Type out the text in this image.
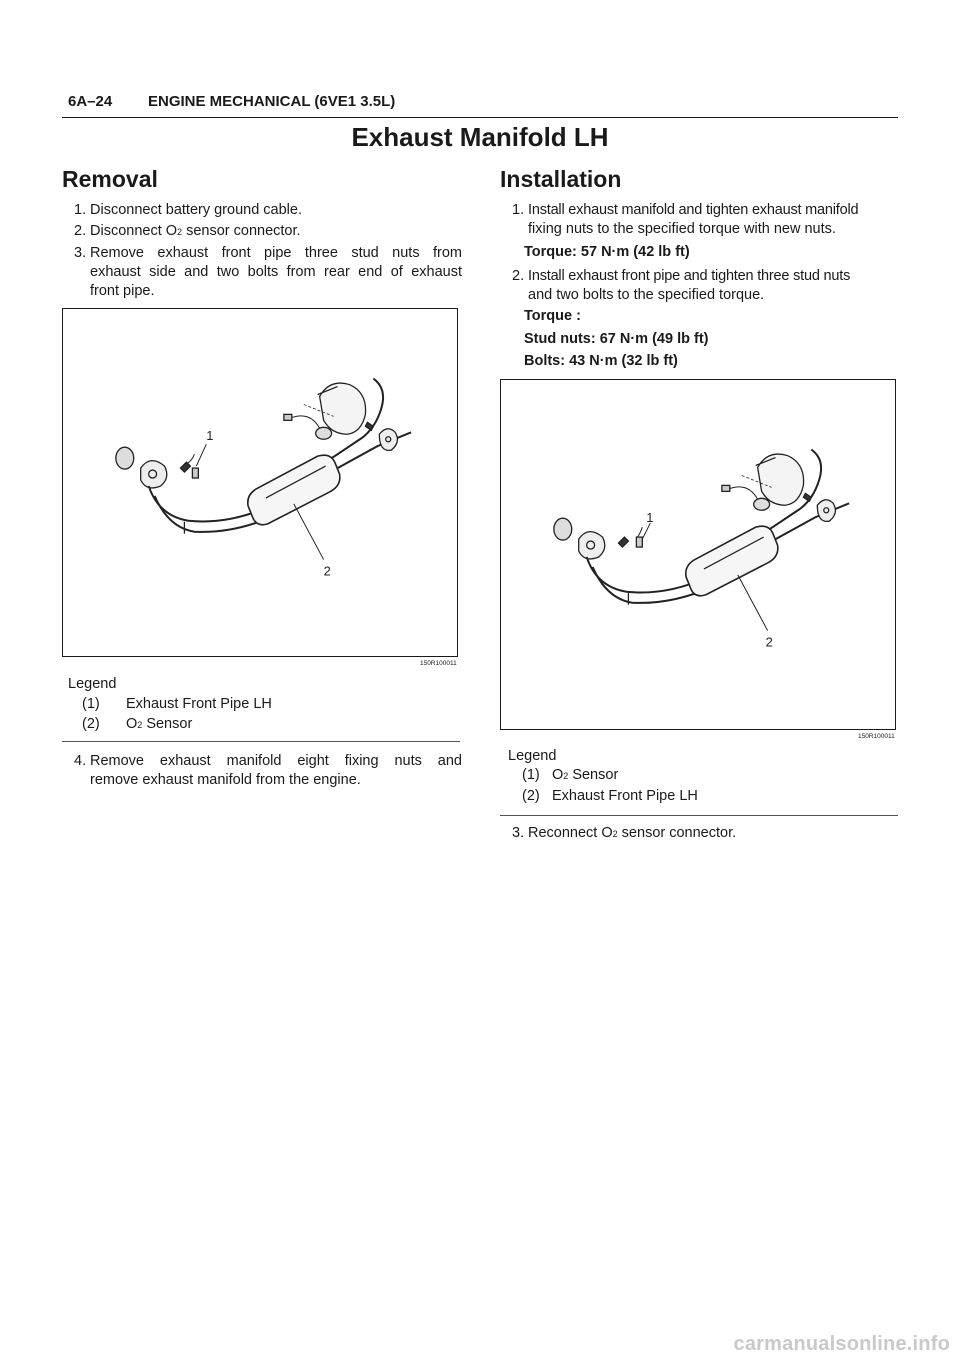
6A–24 ENGINE MECHANICAL (6VE1 3.5L)
Exhaust Manifold LH
Removal
1. Disconnect battery ground cable.
2. Disconnect O2 sensor connector.
3. Remove exhaust front pipe three stud nuts from
exhaust side and two bolts from rear end of exhaust
front pipe.
1
2
150R100011
Legend
(1) Exhaust Front Pipe LH
(2) O2 Sensor
4. Remove exhaust manifold eight fixing nuts and
remove exhaust manifold from the engine.
Installation
1. Install exhaust manifold and tighten exhaust manifold
fixing nuts to the specified torque with new nuts.
Torque: 57 N·m (42 lb ft)
2. Install exhaust front pipe and tighten three stud nuts
and two bolts to the specified torque.
Torque :
Stud nuts: 67 N·m (49 lb ft)
Bolts: 43 N·m (32 lb ft)
1
2
150R100011
Legend
(1) O2 Sensor
(2) Exhaust Front Pipe LH
3. Reconnect O2 sensor connector.
carmanualsonline.info
